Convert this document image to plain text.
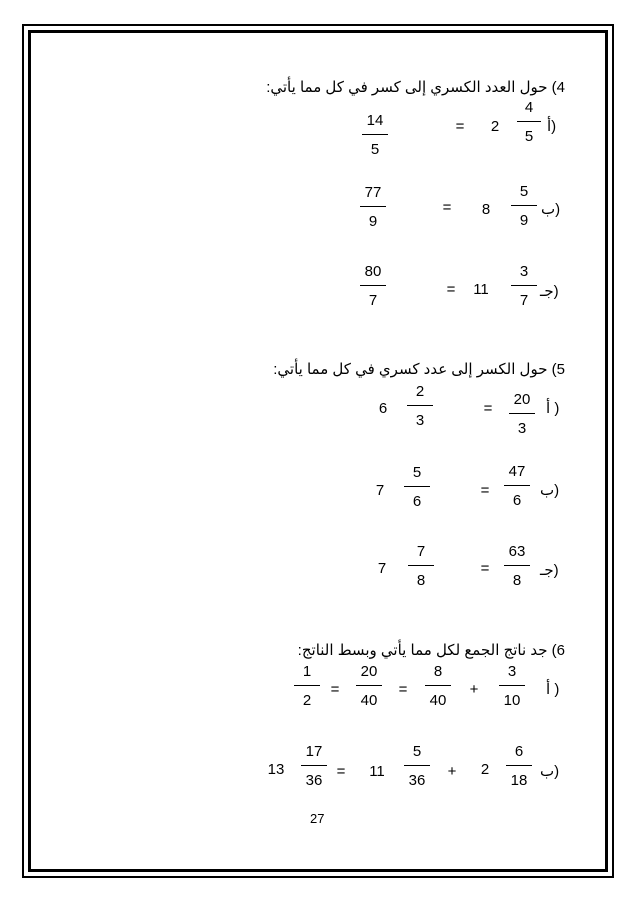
4) حول العدد الكسري إلى كسر في كل مما يأتي:
أ)
4
5
2
=
14
5
ب)
5
9
8
=
77
9
جـ)
3
7
11
=
80
7
5) حول الكسر إلى عدد كسري في كل مما يأتي:
أ )
20
3
=
6
2
3
ب)
47
6
=
7
5
6
جـ)
63
8
=
7
7
8
6) جد ناتج الجمع لكل مما يأتي وبسط الناتج:
أ )
3
10
+
8
40
=
20
40
=
1
2
ب)
6
18
2
+
5
36
11
=
17
36
13
27
